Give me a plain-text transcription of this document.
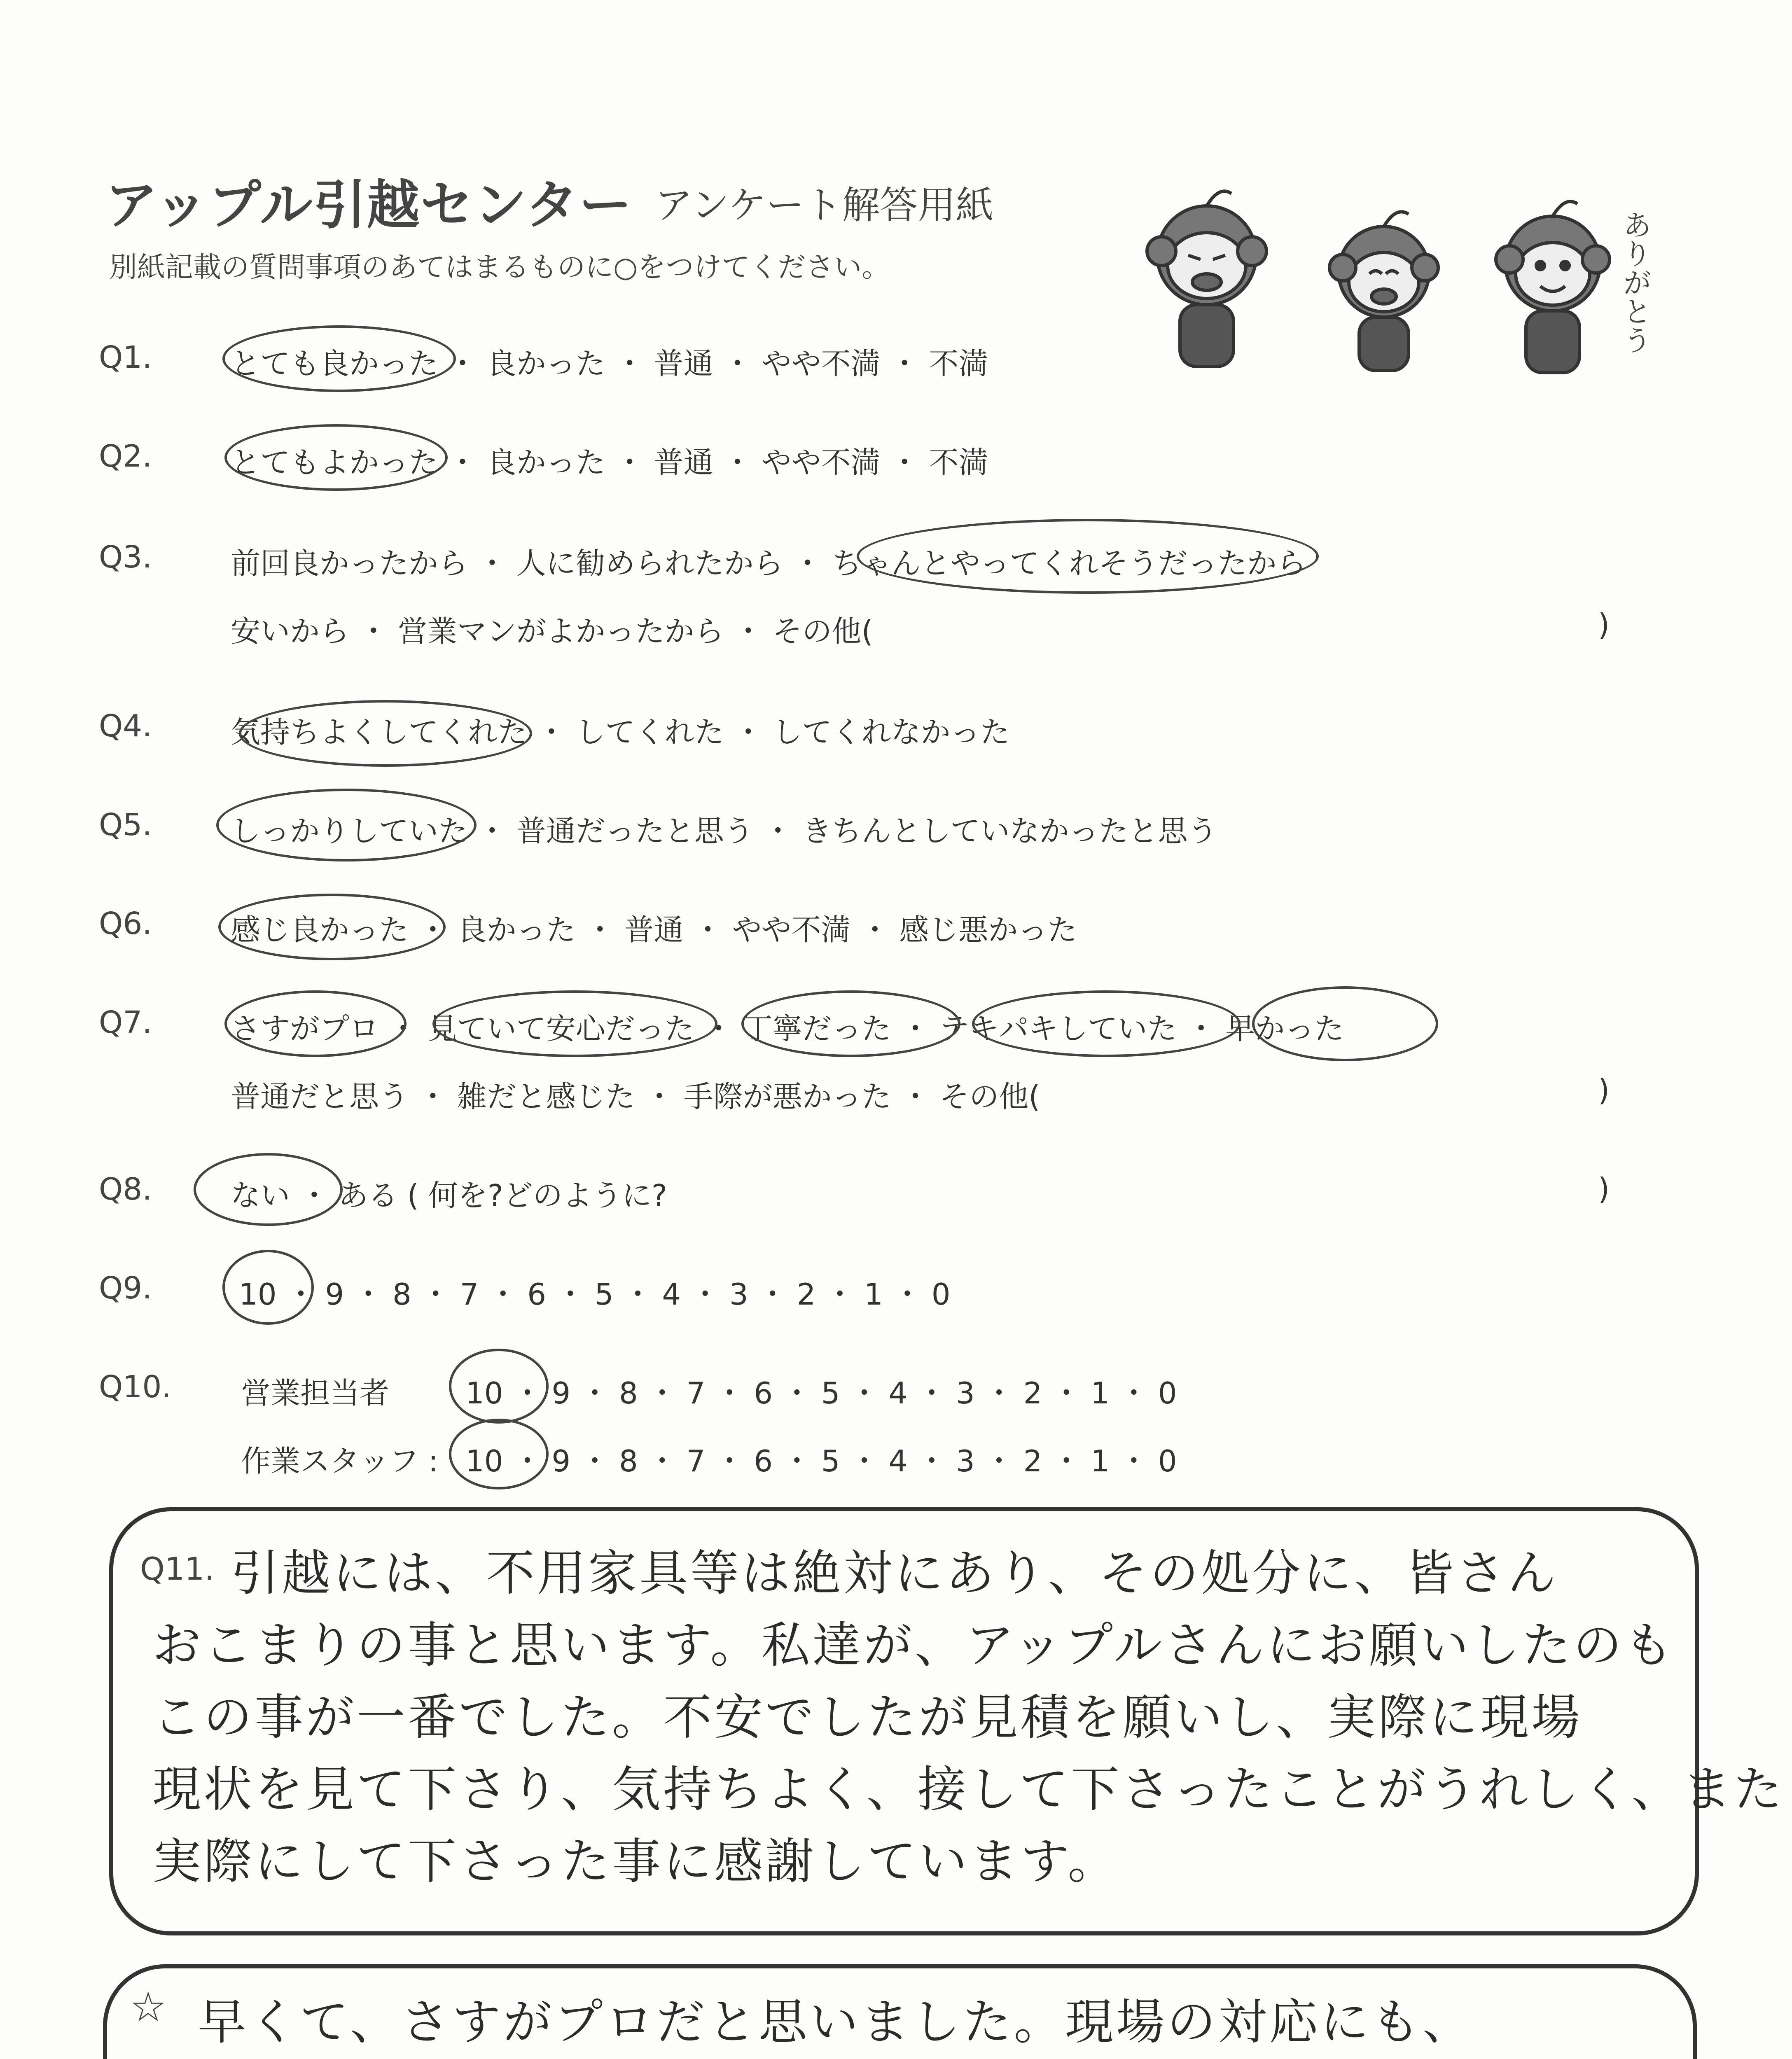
アップル引越センター アンケート解答用紙
別紙記載の質問事項のあてはまるものに○をつけてください。	ありがとう
Q1.	とても良かった ・ 良かった ・ 普通 ・ やや不満 ・ 不満
Q2.	とてもよかった ・ 良かった ・ 普通 ・ やや不満 ・ 不満
Q3.	前回良かったから ・ 人に勧められたから ・ ちゃんとやってくれそうだったから
安いから ・ 営業マンがよかったから ・ その他(	)
Q4.	気持ちよくしてくれた ・ してくれた ・ してくれなかった
Q5.	しっかりしていた ・ 普通だったと思う ・ きちんとしていなかったと思う
Q6.	感じ良かった ・ 良かった ・ 普通 ・ やや不満 ・ 感じ悪かった
Q7.	さすがプロ ・ 見ていて安心だった ・ 丁寧だった ・ テキパキしていた ・ 早かった
普通だと思う ・ 雑だと感じた ・ 手際が悪かった ・ その他(	)
Q8.	ない ・ ある ( 何を?どのように?	)
Q9.	10 ・ 9 ・ 8 ・ 7 ・ 6 ・ 5 ・ 4 ・ 3 ・ 2 ・ 1 ・ 0
Q10. 営業担当者	10 ・ 9 ・ 8 ・ 7 ・ 6 ・ 5 ・ 4 ・ 3 ・ 2 ・ 1 ・ 0
作業スタッフ : 10 ・ 9 ・ 8 ・ 7 ・ 6 ・ 5 ・ 4 ・ 3 ・ 2 ・ 1 ・ 0
Q11. 引越には、不用家具等は絶対にあり、その処分に、皆さん
おこまりの事と思います。私達が、アップルさんにお願いしたのも
この事が一番でした。不安でしたが見積を願いし、実際に現場
現状を見て下さり、気持ちよく、接して下さったことがうれしく、また
実際にして下さった事に感謝しています。
☆ 早くて、さすがプロだと思いました。現場の対応にも、
